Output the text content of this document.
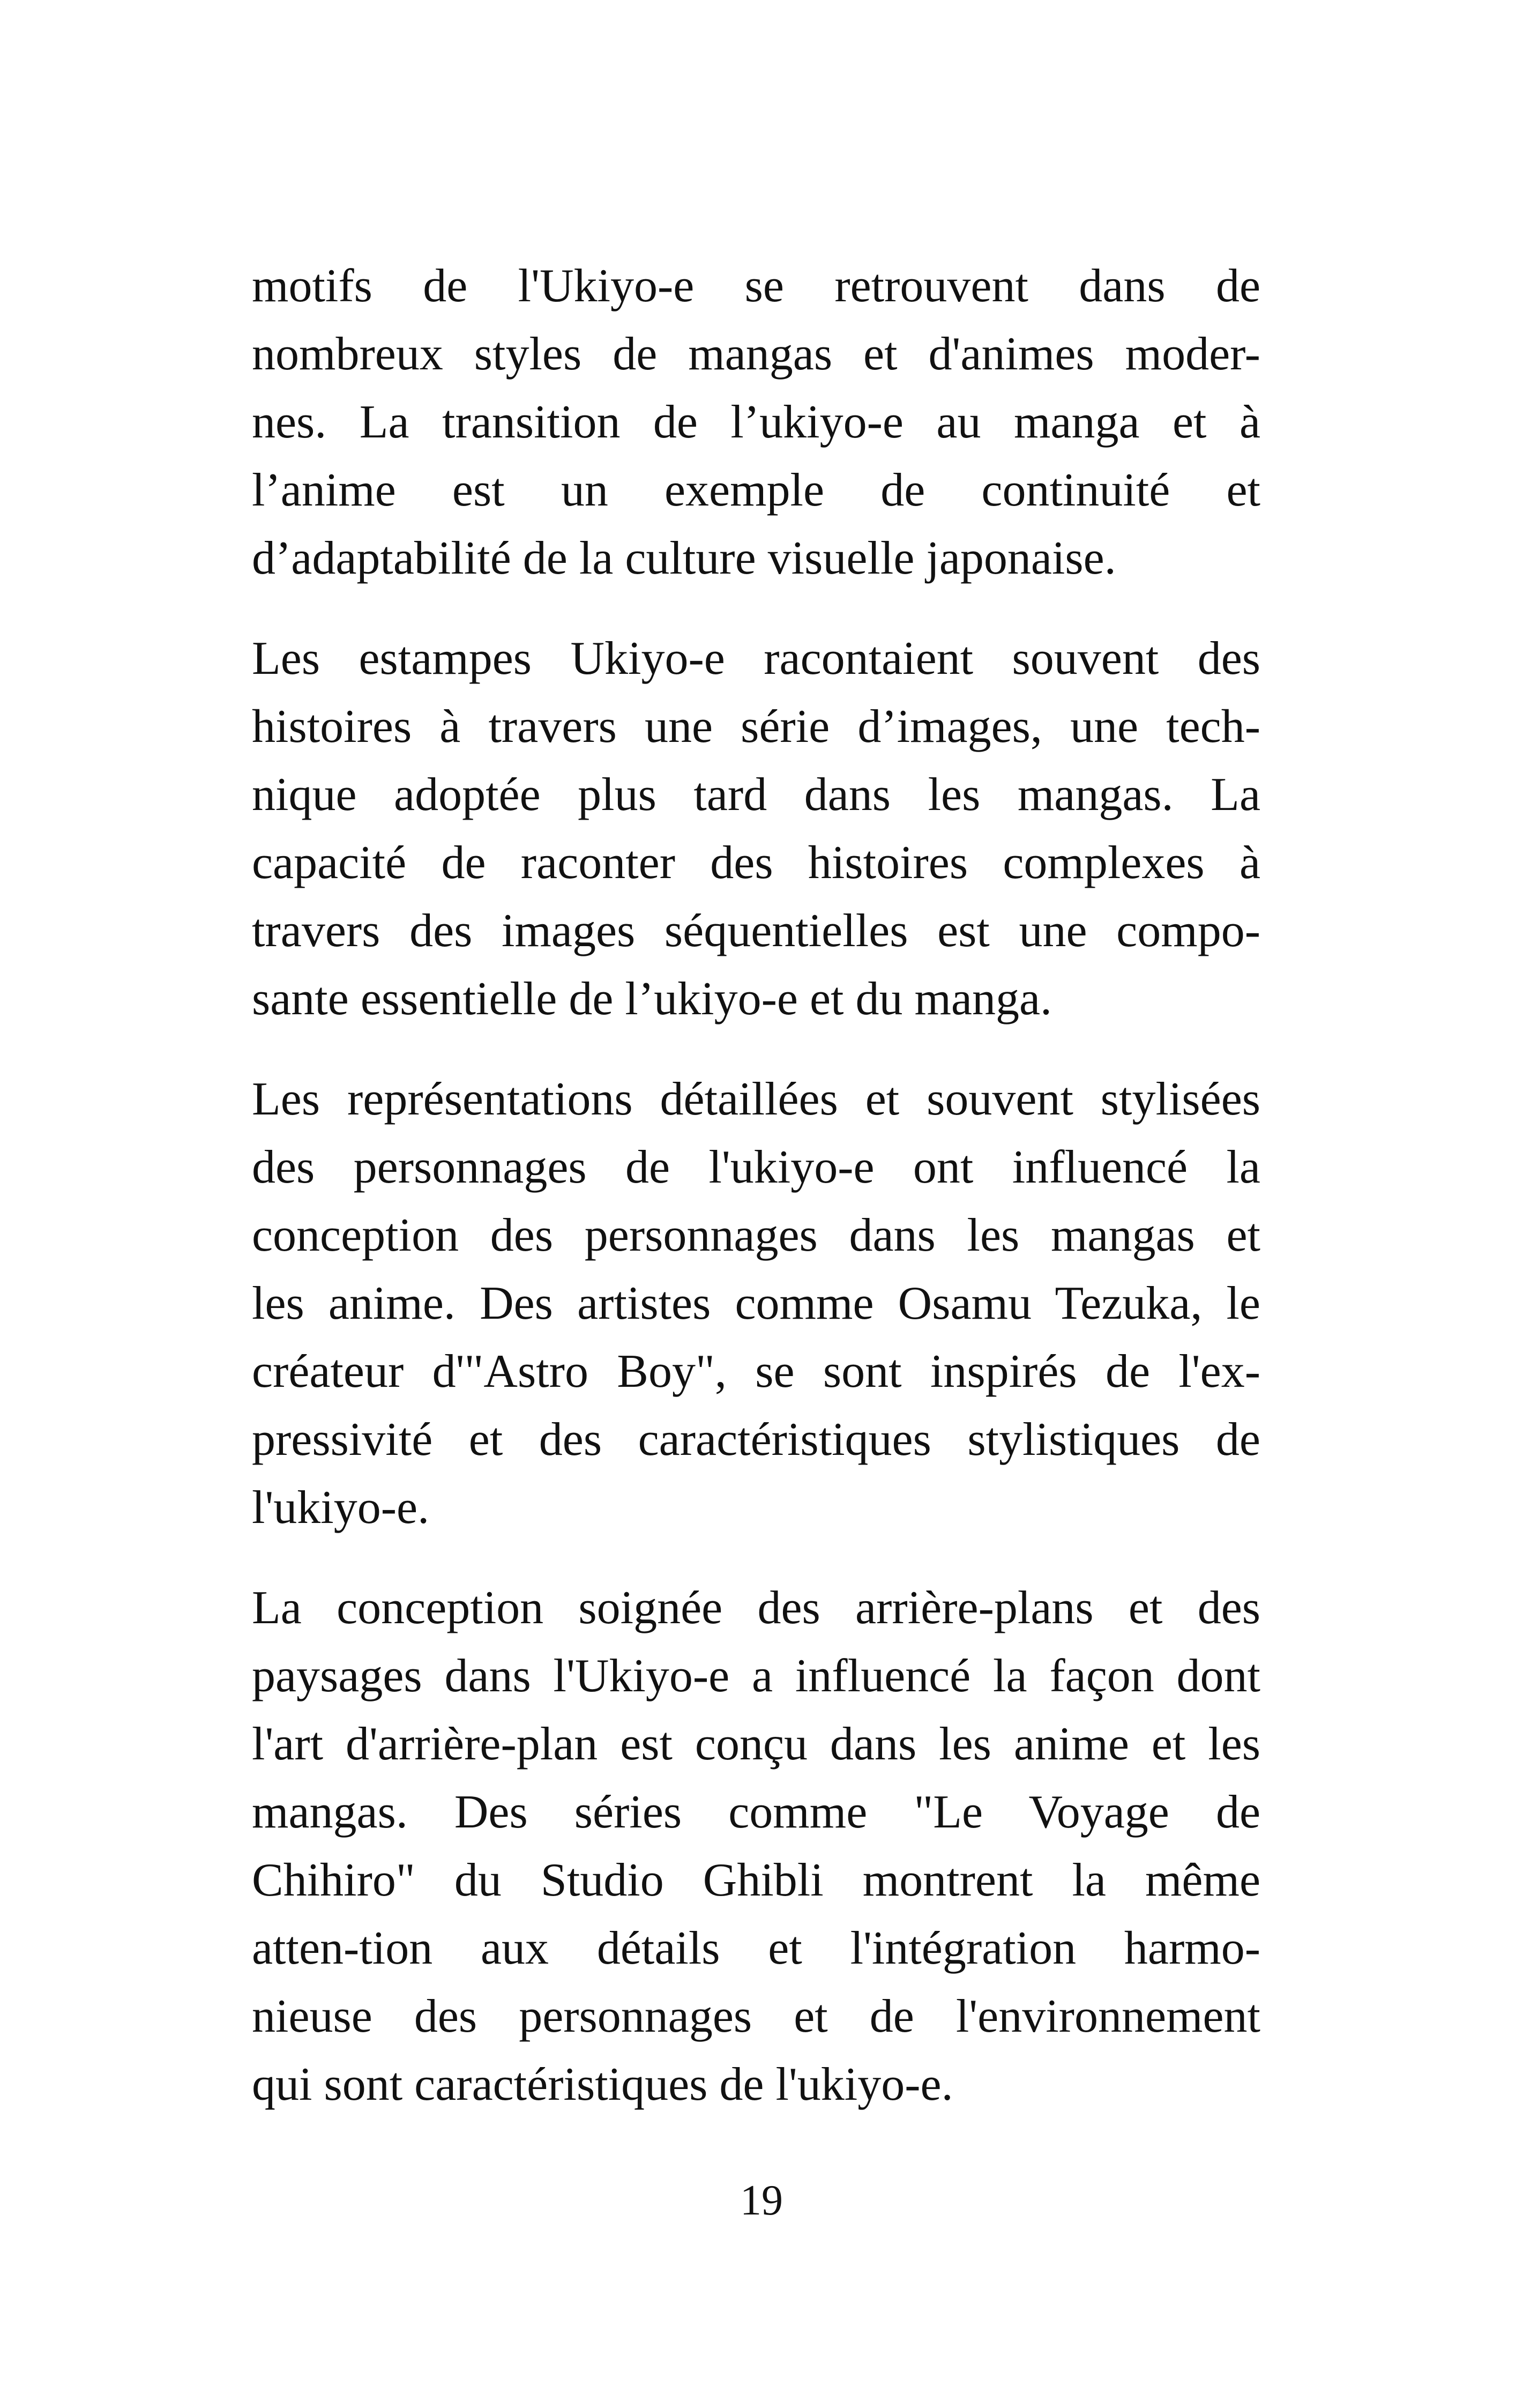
motifs de l'Ukiyo-e se retrouvent dans de
nombreux styles de mangas et d'animes moder-
nes. La transition de l’ukiyo-e au manga et à
l’anime est un exemple de continuité et
d’adaptabilité de la culture visuelle japonaise.
Les estampes Ukiyo-e racontaient souvent des
histoires à travers une série d’images, une tech-
nique adoptée plus tard dans les mangas. La
capacité de raconter des histoires complexes à
travers des images séquentielles est une compo-
sante essentielle de l’ukiyo-e et du manga.
Les représentations détaillées et souvent stylisées
des personnages de l'ukiyo-e ont influencé la
conception des personnages dans les mangas et
les anime. Des artistes comme Osamu Tezuka, le
créateur d'"Astro Boy", se sont inspirés de l'ex-
pressivité et des caractéristiques stylistiques de
l'ukiyo-e.
La conception soignée des arrière-plans et des
paysages dans l'Ukiyo-e a influencé la façon dont
l'art d'arrière-plan est conçu dans les anime et les
mangas. Des séries comme "Le Voyage de
Chihiro" du Studio Ghibli montrent la même
atten-tion aux détails et l'intégration harmo-
nieuse des personnages et de l'environnement
qui sont caractéristiques de l'ukiyo-e.
19
